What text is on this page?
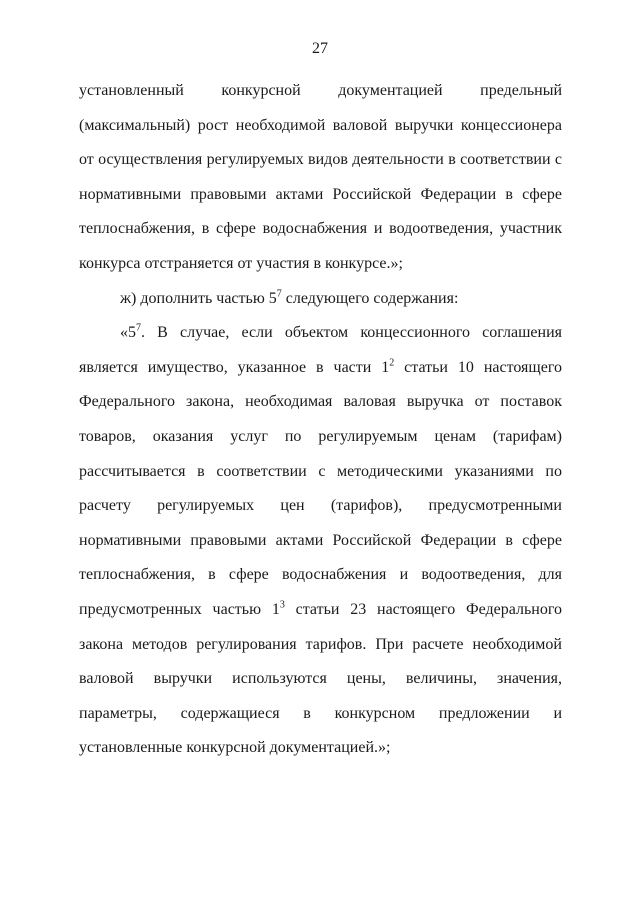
27

установленный конкурсной документацией предельный (максимальный) рост необходимой валовой выручки концессионера от осуществления регулируемых видов деятельности в соответствии с нормативными правовыми актами Российской Федерации в сфере теплоснабжения, в сфере водоснабжения и водоотведения, участник конкурса отстраняется от участия в конкурсе.»;

ж) дополнить частью $5^7$ следующего содержания:

«$5^7$. В случае, если объектом концессионного соглашения является имущество, указанное в части $1^2$ статьи 10 настоящего Федерального закона, необходимая валовая выручка от поставок товаров, оказания услуг по регулируемым ценам (тарифам) рассчитывается в соответствии с методическими указаниями по расчету регулируемых цен (тарифов), предусмотренными нормативными правовыми актами Российской Федерации в сфере теплоснабжения, в сфере водоснабжения и водоотведения, для предусмотренных частью $1^3$ статьи 23 настоящего Федерального закона методов регулирования тарифов. При расчете необходимой валовой выручки используются цены, величины, значения, параметры, содержащиеся в конкурсном предложении и установленные конкурсной документацией.»;
